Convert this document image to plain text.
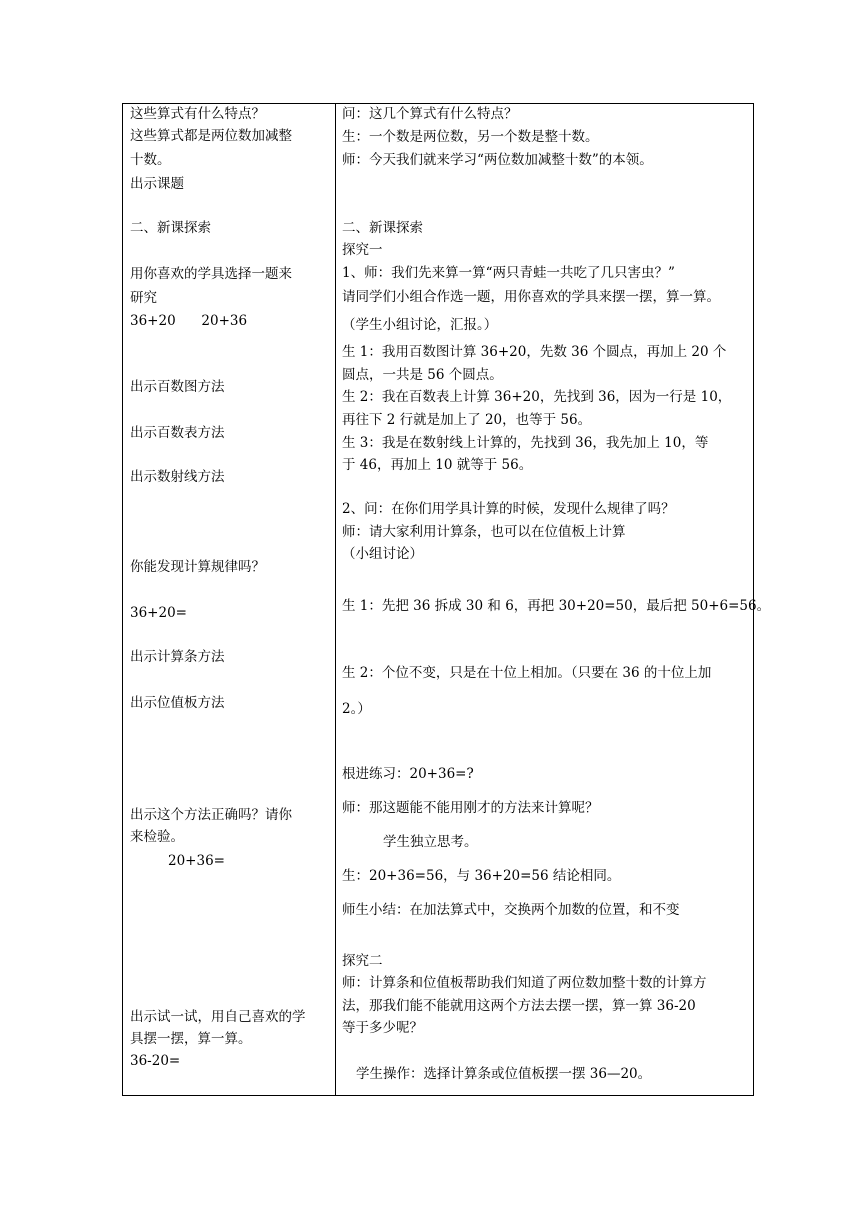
这些算式有什么特点？
这些算式都是两位数加减整
十数。
出示课题
二、新课探索
用你喜欢的学具选择一题来
研究
36+20      20+36
出示百数图方法
出示百数表方法
出示数射线方法
你能发现计算规律吗？
36+20=
出示计算条方法
出示位值板方法
出示这个方法正确吗？请你
来检验。
20+36=
出示试一试，用自己喜欢的学
具摆一摆，算一算。
36-20=
问：这几个算式有什么特点？
生：一个数是两位数，另一个数是整十数。
师：今天我们就来学习“两位数加减整十数”的本领。
二、新课探索
探究一
1、师：我们先来算一算“两只青蛙一共吃了几只害虫？”
请同学们小组合作选一题，用你喜欢的学具来摆一摆，算一算。
（学生小组讨论，汇报。）
生 1：我用百数图计算 36+20，先数 36 个圆点，再加上 20 个
圆点，一共是 56 个圆点。
生 2：我在百数表上计算 36+20，先找到 36，因为一行是 10，
再往下 2 行就是加上了 20，也等于 56。
生 3：我是在数射线上计算的，先找到 36，我先加上 10，等
于 46，再加上 10 就等于 56。
2、问：在你们用学具计算的时候，发现什么规律了吗？
师：请大家利用计算条，也可以在位值板上计算
（小组讨论）
生 1：先把 36 拆成 30 和 6，再把 30+20=50，最后把 50+6=56。
生 2：个位不变，只是在十位上相加。（只要在 36 的十位上加
2。）
根进练习：20+36=?
师：那这题能不能用刚才的方法来计算呢？
学生独立思考。
生：20+36=56，与 36+20=56 结论相同。
师生小结：在加法算式中，交换两个加数的位置，和不变
探究二
师：计算条和位值板帮助我们知道了两位数加整十数的计算方
法，那我们能不能就用这两个方法去摆一摆，算一算 36-20
等于多少呢？
学生操作：选择计算条或位值板摆一摆 36—20。
